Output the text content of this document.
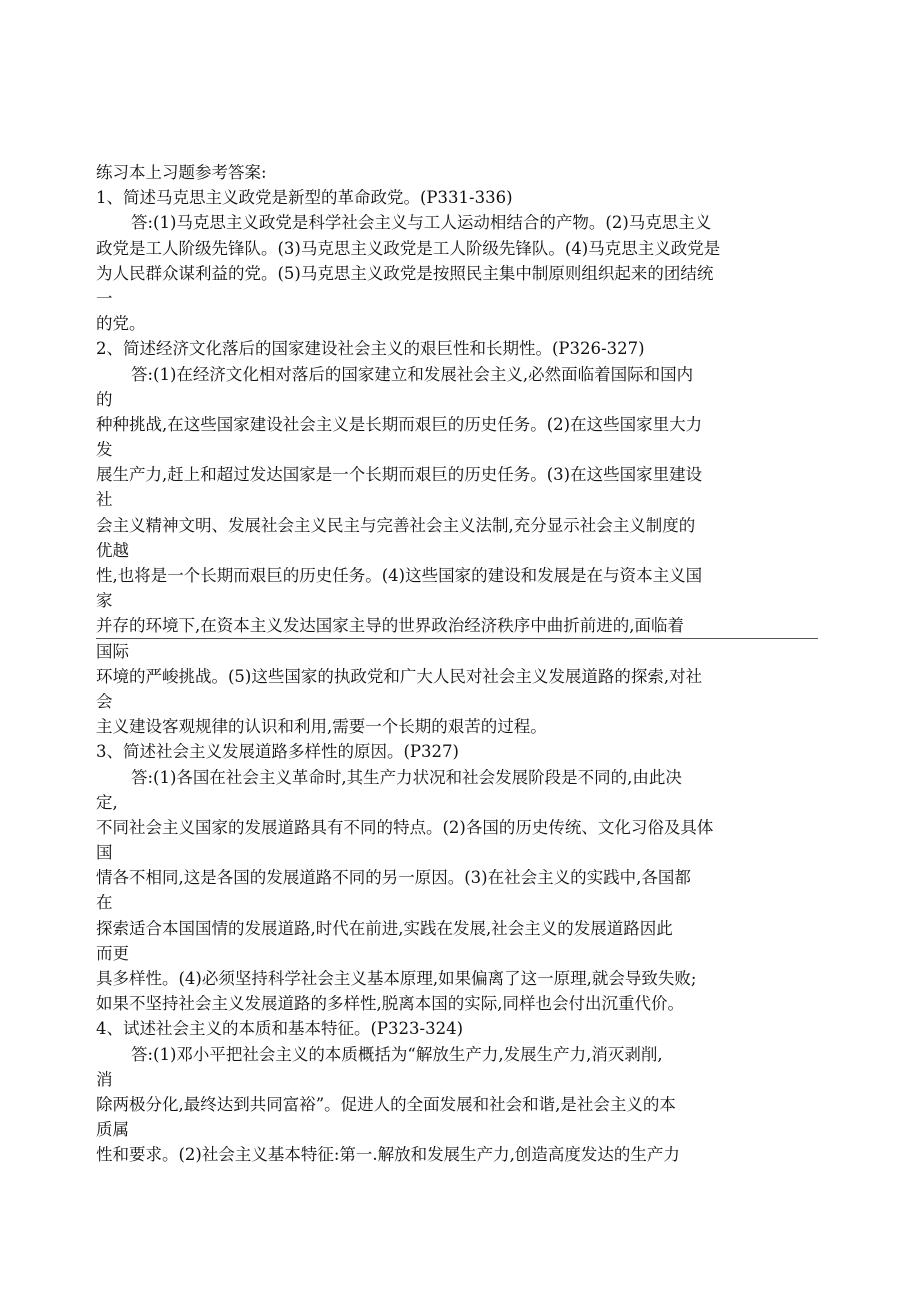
练习本上习题参考答案:
1、简述马克思主义政党是新型的革命政党。(P331-336)
答:(1)马克思主义政党是科学社会主义与工人运动相结合的产物。(2)马克思主义
政党是工人阶级先锋队。(3)马克思主义政党是工人阶级先锋队。(4)马克思主义政党是
为人民群众谋利益的党。(5)马克思主义政党是按照民主集中制原则组织起来的团结统
一
的党。
2、简述经济文化落后的国家建设社会主义的艰巨性和长期性。(P326-327)
答:(1)在经济文化相对落后的国家建立和发展社会主义,必然面临着国际和国内
的
种种挑战,在这些国家建设社会主义是长期而艰巨的历史任务。(2)在这些国家里大力
发
展生产力,赶上和超过发达国家是一个长期而艰巨的历史任务。(3)在这些国家里建设
社
会主义精神文明、发展社会主义民主与完善社会主义法制,充分显示社会主义制度的
优越
性,也将是一个长期而艰巨的历史任务。(4)这些国家的建设和发展是在与资本主义国
家
并存的环境下,在资本主义发达国家主导的世界政治经济秩序中曲折前进的,面临着
国际
环境的严峻挑战。(5)这些国家的执政党和广大人民对社会主义发展道路的探索,对社
会
主义建设客观规律的认识和利用,需要一个长期的艰苦的过程。
3、简述社会主义发展道路多样性的原因。(P327)
答:(1)各国在社会主义革命时,其生产力状况和社会发展阶段是不同的,由此决
定,
不同社会主义国家的发展道路具有不同的特点。(2)各国的历史传统、文化习俗及具体
国
情各不相同,这是各国的发展道路不同的另一原因。(3)在社会主义的实践中,各国都
在
探索适合本国国情的发展道路,时代在前进,实践在发展,社会主义的发展道路因此
而更
具多样性。(4)必须坚持科学社会主义基本原理,如果偏离了这一原理,就会导致失败;
如果不坚持社会主义发展道路的多样性,脱离本国的实际,同样也会付出沉重代价。
4、试述社会主义的本质和基本特征。(P323-324)
答:(1)邓小平把社会主义的本质概括为“解放生产力,发展生产力,消灭剥削,
消
除两极分化,最终达到共同富裕”。促进人的全面发展和社会和谐,是社会主义的本
质属
性和要求。(2)社会主义基本特征:第一.解放和发展生产力,创造高度发达的生产力
